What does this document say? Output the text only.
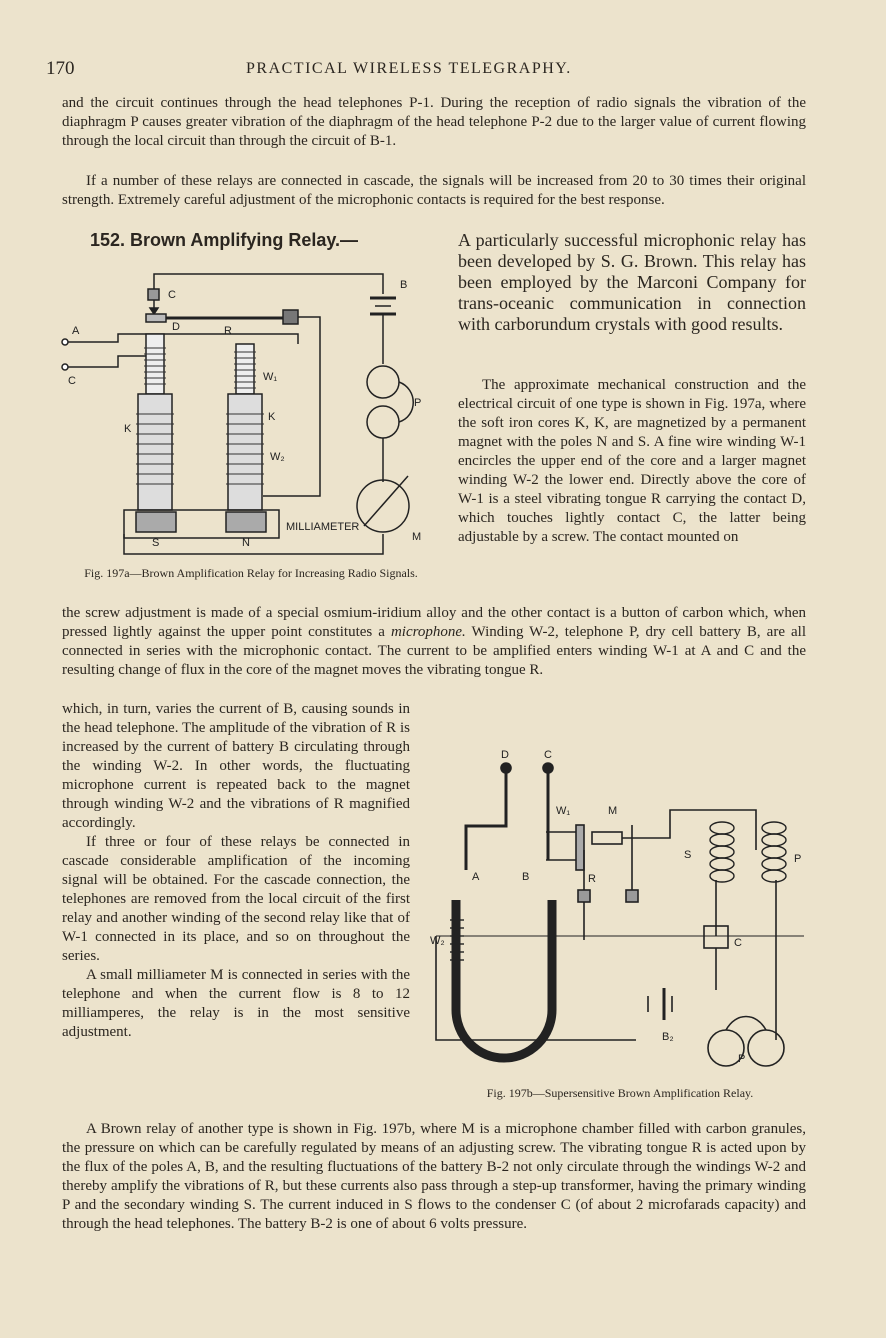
170	PRACTICAL WIRELESS TELEGRAPHY.

and the circuit continues through the head telephones P-1. During the reception of radio signals the vibration of the diaphragm P causes greater vibration of the diaphragm of the head telephone P-2 due to the larger value of current flowing through the local circuit than through the circuit of B-1.

If a number of these relays are connected in cascade, the signals will be increased from 20 to 30 times their original strength. Extremely careful adjustment of the microphonic contacts is required for the best response.

152. Brown Amplifying Relay.—	A particularly successful microphonic relay has been developed by S. G. Brown. This relay has been employed by the Marconi Company for trans-oceanic communication in connection with carborundum crystals with good results.

The approximate mechanical construction and the electrical circuit of one type is shown in Fig. 197a, where the soft iron cores K, K, are magnetized by a permanent magnet with the poles N and S. A fine wire winding W-1 encircles the upper end of the core and a larger magnet winding W-2 the lower end. Directly above the core of W-1 is a steel vibrating tongue R carrying the contact D, which touches lightly contact C, the latter being adjustable by a screw. The contact mounted on

A
C
C
D	R
B
W₁
W₂
K
K
P
M
S	N
MILLIAMETER
Fig. 197a—Brown Amplification Relay for Increasing Radio Signals.

the screw adjustment is made of a special osmium-iridium alloy and the other contact is a button of carbon which, when pressed lightly against the upper point constitutes a microphone. Winding W-2, telephone P, dry cell battery B, are all connected in series with the microphonic contact. The current to be amplified enters winding W-1 at A and C and the resulting change of flux in the core of the magnet moves the vibrating tongue R.

which, in turn, varies the current of B, causing sounds in the head telephone. The amplitude of the vibration of R is increased by the current of battery B circulating through the winding W-2. In other words, the fluctuating microphone current is repeated back to the magnet through winding W-2 and the vibrations of R magnified accordingly.

If three or four of these relays be connected in cascade considerable amplification of the incoming signal will be obtained. For the cascade connection, the telephones are removed from the local circuit of the first relay and another winding of the second relay like that of W-1 connected in its place, and so on throughout the series.

A small milliameter M is connected in series with the telephone and when the current flow is 8 to 12 milliamperes, the relay is in the most sensitive adjustment.

D	C
W₁	M
S	P
A	B	R
W₂	C
B₂
P
Fig. 197b—Supersensitive Brown Amplification Relay.

A Brown relay of another type is shown in Fig. 197b, where M is a microphone chamber filled with carbon granules, the pressure on which can be carefully regulated by means of an adjusting screw. The vibrating tongue R is acted upon by the flux of the poles A, B, and the resulting fluctuations of the battery B-2 not only circulate through the windings W-2 and thereby amplify the vibrations of R, but these currents also pass through a step-up transformer, having the primary winding P and the secondary winding S. The current induced in S flows to the condenser C (of about 2 microfarads capacity) and through the head telephones. The battery B-2 is one of about 6 volts pressure.
